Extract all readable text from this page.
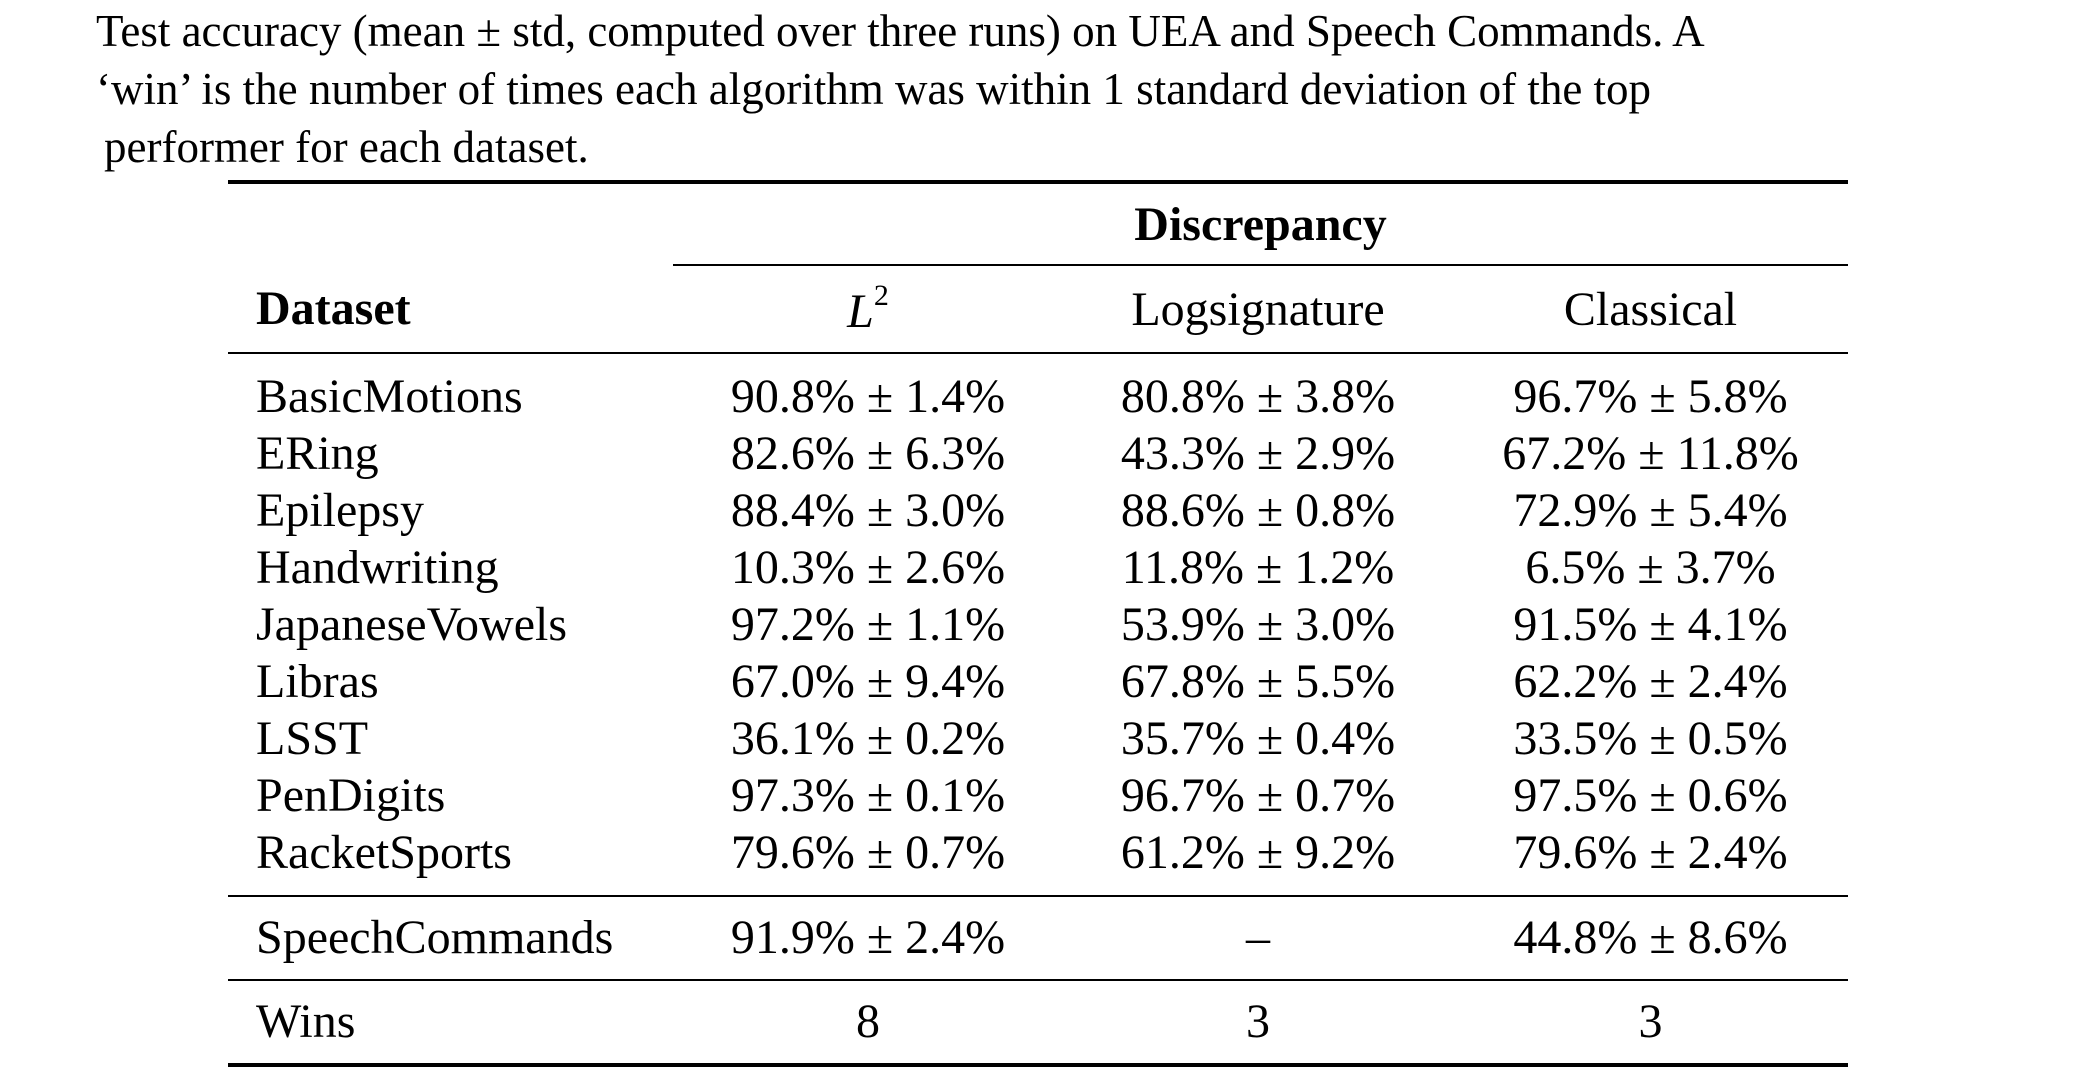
Test accuracy (mean ± std, computed over three runs) on UEA and Speech Commands. A
‘win’ is the number of times each algorithm was within 1 standard deviation of the top
performer for each dataset.
	Discrepancy		
Dataset	$L^2$	Logsignature	Classical
BasicMotions	90.8% ± 1.4%	80.8% ± 3.8%	96.7% ± 5.8%
ERing	82.6% ± 6.3%	43.3% ± 2.9%	67.2% ± 11.8%
Epilepsy	88.4% ± 3.0%	88.6% ± 0.8%	72.9% ± 5.4%
Handwriting	10.3% ± 2.6%	11.8% ± 1.2%	6.5% ± 3.7%
JapaneseVowels	97.2% ± 1.1%	53.9% ± 3.0%	91.5% ± 4.1%
Libras	67.0% ± 9.4%	67.8% ± 5.5%	62.2% ± 2.4%
LSST	36.1% ± 0.2%	35.7% ± 0.4%	33.5% ± 0.5%
PenDigits	97.3% ± 0.1%	96.7% ± 0.7%	97.5% ± 0.6%
RacketSports	79.6% ± 0.7%	61.2% ± 9.2%	79.6% ± 2.4%
SpeechCommands	91.9% ± 2.4%	–	44.8% ± 8.6%
Wins	8	3	3
